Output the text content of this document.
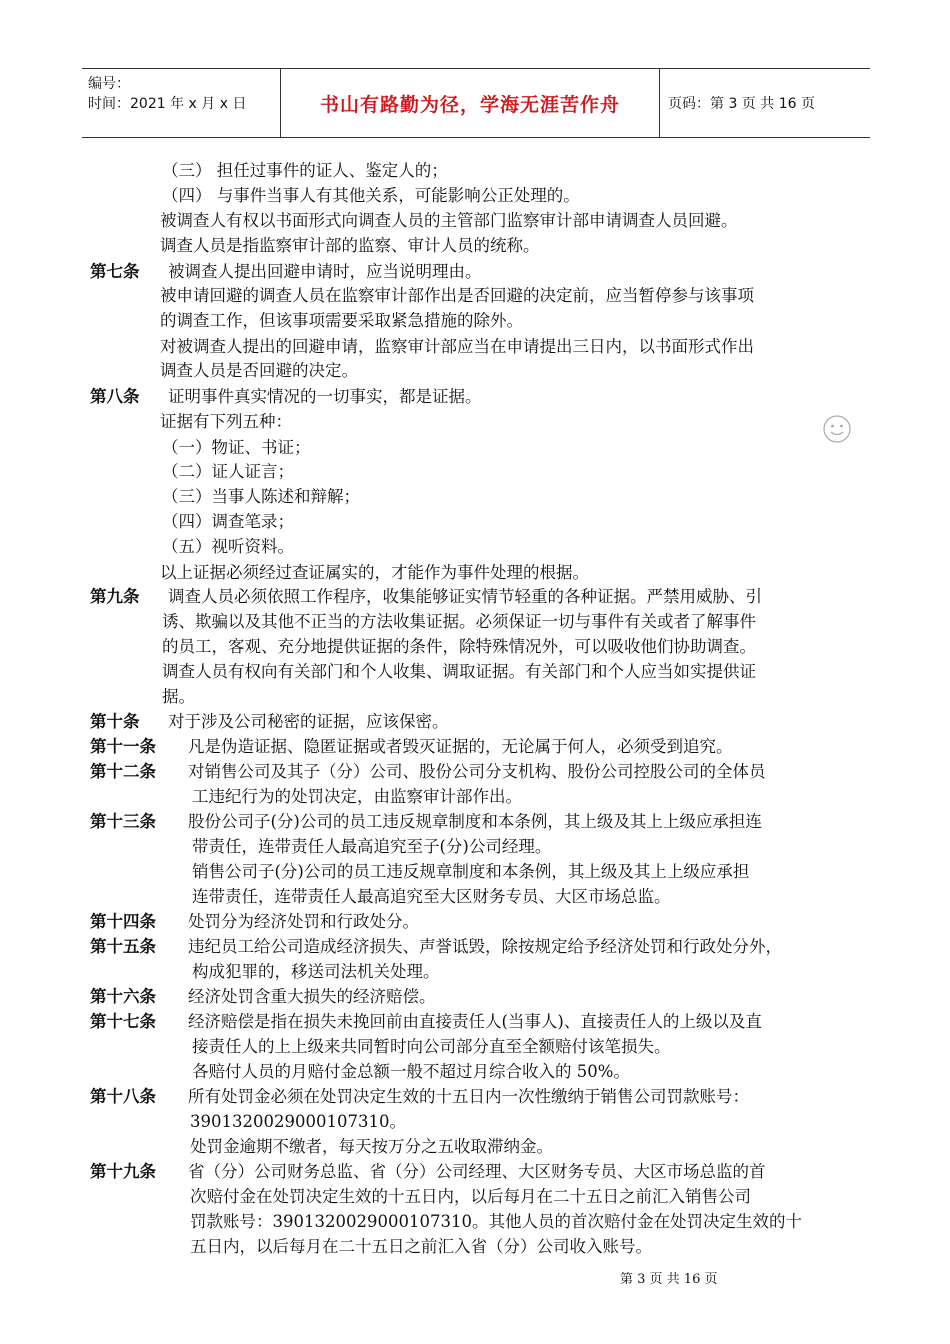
编号：
时间：2021 年 x 月 x 日	书山有路勤为径，学海无涯苦作舟	页码：第 3 页 共 16 页
（三） 担任过事件的证人、鉴定人的；
（四） 与事件当事人有其他关系，可能影响公正处理的。
被调查人有权以书面形式向调查人员的主管部门监察审计部申请调查人员回避。
调查人员是指监察审计部的监察、审计人员的统称。
第七条 被调查人提出回避申请时，应当说明理由。
被申请回避的调查人员在监察审计部作出是否回避的决定前，应当暂停参与该事项
的调查工作，但该事项需要采取紧急措施的除外。
对被调查人提出的回避申请，监察审计部应当在申请提出三日内，以书面形式作出
调查人员是否回避的决定。
第八条 证明事件真实情况的一切事实，都是证据。
证据有下列五种：
（一）物证、书证；
（二）证人证言；
（三）当事人陈述和辩解；
（四）调查笔录；
（五）视听资料。
以上证据必须经过查证属实的，才能作为事件处理的根据。
第九条 调查人员必须依照工作程序，收集能够证实情节轻重的各种证据。严禁用威胁、引
诱、欺骗以及其他不正当的方法收集证据。必须保证一切与事件有关或者了解事件
的员工，客观、充分地提供证据的条件，除特殊情况外，可以吸收他们协助调查。
调查人员有权向有关部门和个人收集、调取证据。有关部门和个人应当如实提供证
据。
第十条 对于涉及公司秘密的证据，应该保密。
第十一条 凡是伪造证据、隐匿证据或者毁灭证据的，无论属于何人，必须受到追究。
第十二条 对销售公司及其子（分）公司、股份公司分支机构、股份公司控股公司的全体员
工违纪行为的处罚决定，由监察审计部作出。
第十三条 股份公司子(分)公司的员工违反规章制度和本条例，其上级及其上上级应承担连
带责任，连带责任人最高追究至子(分)公司经理。
销售公司子(分)公司的员工违反规章制度和本条例，其上级及其上上级应承担
连带责任，连带责任人最高追究至大区财务专员、大区市场总监。
第十四条 处罚分为经济处罚和行政处分。
第十五条 违纪员工给公司造成经济损失、声誉诋毁，除按规定给予经济处罚和行政处分外，
构成犯罪的，移送司法机关处理。
第十六条 经济处罚含重大损失的经济赔偿。
第十七条 经济赔偿是指在损失未挽回前由直接责任人(当事人)、直接责任人的上级以及直
接责任人的上上级来共同暂时向公司部分直至全额赔付该笔损失。
各赔付人员的月赔付金总额一般不超过月综合收入的 50%。
第十八条 所有处罚金必须在处罚决定生效的十五日内一次性缴纳于销售公司罚款账号：
3901320029000107310。
处罚金逾期不缴者，每天按万分之五收取滞纳金。
第十九条 省（分）公司财务总监、省（分）公司经理、大区财务专员、大区市场总监的首
次赔付金在处罚决定生效的十五日内，以后每月在二十五日之前汇入销售公司
罚款账号：3901320029000107310。其他人员的首次赔付金在处罚决定生效的十
五日内，以后每月在二十五日之前汇入省（分）公司收入账号。
第 3 页 共 16 页
